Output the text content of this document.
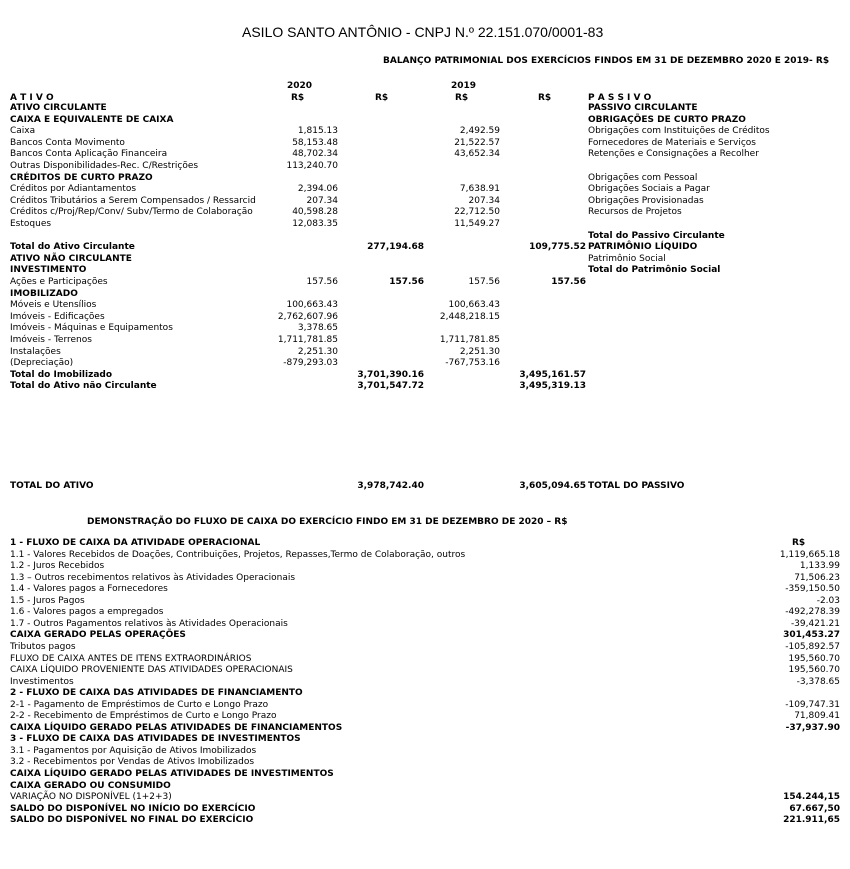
ASILO SANTO ANTÔNIO - CNPJ N.º 22.151.070/0001-83
BALANÇO PATRIMONIAL DOS EXERCÍCIOS FINDOS EM 31 DE DEZEMBRO 2020 E 2019- R$
2020	2019
R$	R$	R$	R$
A T I V O	P A S S I V O
ATIVO CIRCULANTE
CAIXA E EQUIVALENTE DE CAIXA
Caixa	1,815.13	2,492.59
Bancos Conta Movimento	58,153.48	21,522.57
Bancos Conta Aplicação Financeira	48,702.34	43,652.34
Outras Disponibilidades-Rec. C/Restrições	113,240.70
CRÉDITOS DE CURTO PRAZO
Créditos por Adiantamentos	2,394.06	7,638.91
Créditos Tributários a Serem Compensados / Ressarcid	207.34	207.34
Créditos c/Proj/Rep/Conv/ Subv/Termo de Colaboração	40,598.28	22,712.50
Estoques	12,083.35	11,549.27
Total do Ativo Circulante	277,194.68	109,775.52
ATIVO NÃO CIRCULANTE
INVESTIMENTO
Ações e Participações	157.56	157.56	157.56	157.56
IMOBILIZADO
Móveis e Utensílios	100,663.43	100,663.43
Imóveis - Edificações	2,762,607.96	2,448,218.15
Imóveis - Máquinas e Equipamentos	3,378.65
Imóveis - Terrenos	1,711,781.85	1,711,781.85
Instalações	2,251.30	2,251.30
(Depreciação)	-879,293.03	-767,753.16
Total do Imobilizado	3,701,390.16	3,495,161.57
Total do Ativo não Circulante	3,701,547.72	3,495,319.13
PASSIVO CIRCULANTE
OBRIGAÇÕES DE CURTO PRAZO
Obrigações com Instituições de Créditos
Fornecedores de Materiais e Serviços
Retenções e Consignações a Recolher
Obrigações com Pessoal
Obrigações Sociais a Pagar
Obrigações Provisionadas
Recursos de Projetos
Total do Passivo Circulante
PATRIMÔNIO LÍQUIDO
Patrimônio Social
Total do Patrimônio Social
TOTAL DO ATIVO	3,978,742.40	3,605,094.65 TOTAL DO PASSIVO
DEMONSTRAÇÃO DO FLUXO DE CAIXA DO EXERCÍCIO FINDO EM 31 DE DEZEMBRO DE 2020 – R$
R$
1 - FLUXO DE CAIXA DA ATIVIDADE OPERACIONAL
1.1 - Valores Recebidos de Doações, Contribuições, Projetos, Repasses,Termo de Colaboração, outros	1,119,665.18
1.2 - Juros Recebidos	1,133.99
1.3 – Outros recebimentos relativos às Atividades Operacionais	71,506.23
1.4 - Valores pagos a Fornecedores	-359,150.50
1.5 - Juros Pagos	-2.03
1.6 - Valores pagos a empregados	-492,278.39
1.7 - Outros Pagamentos relativos às Atividades Operacionais	-39,421.21
CAIXA GERADO PELAS OPERAÇÕES	301,453.27
Tributos pagos	-105,892.57
FLUXO DE CAIXA ANTES DE ITENS EXTRAORDINÁRIOS	195,560.70
CAIXA LÍQUIDO PROVENIENTE DAS ATIVIDADES OPERACIONAIS	195,560.70
Investimentos	-3,378.65
2 - FLUXO DE CAIXA DAS ATIVIDADES DE FINANCIAMENTO
2-1 - Pagamento de Empréstimos de Curto e Longo Prazo	-109,747.31
2-2 - Recebimento de Empréstimos de Curto e Longo Prazo	71,809.41
CAIXA LÍQUIDO GERADO PELAS ATIVIDADES DE FINANCIAMENTOS	-37,937.90
3 - FLUXO DE CAIXA DAS ATIVIDADES DE INVESTIMENTOS
3.1 - Pagamentos por Aquisição de Ativos Imobilizados
3.2 - Recebimentos por Vendas de Ativos Imobilizados
CAIXA LÍQUIDO GERADO PELAS ATIVIDADES DE INVESTIMENTOS
CAIXA GERADO OU CONSUMIDO
VARIAÇÃO NO DISPONÍVEL (1+2+3)	154.244,15
SALDO DO DISPONÍVEL NO INÍCIO DO EXERCÍCIO	67.667,50
SALDO DO DISPONÍVEL NO FINAL DO EXERCÍCIO	221.911,65
